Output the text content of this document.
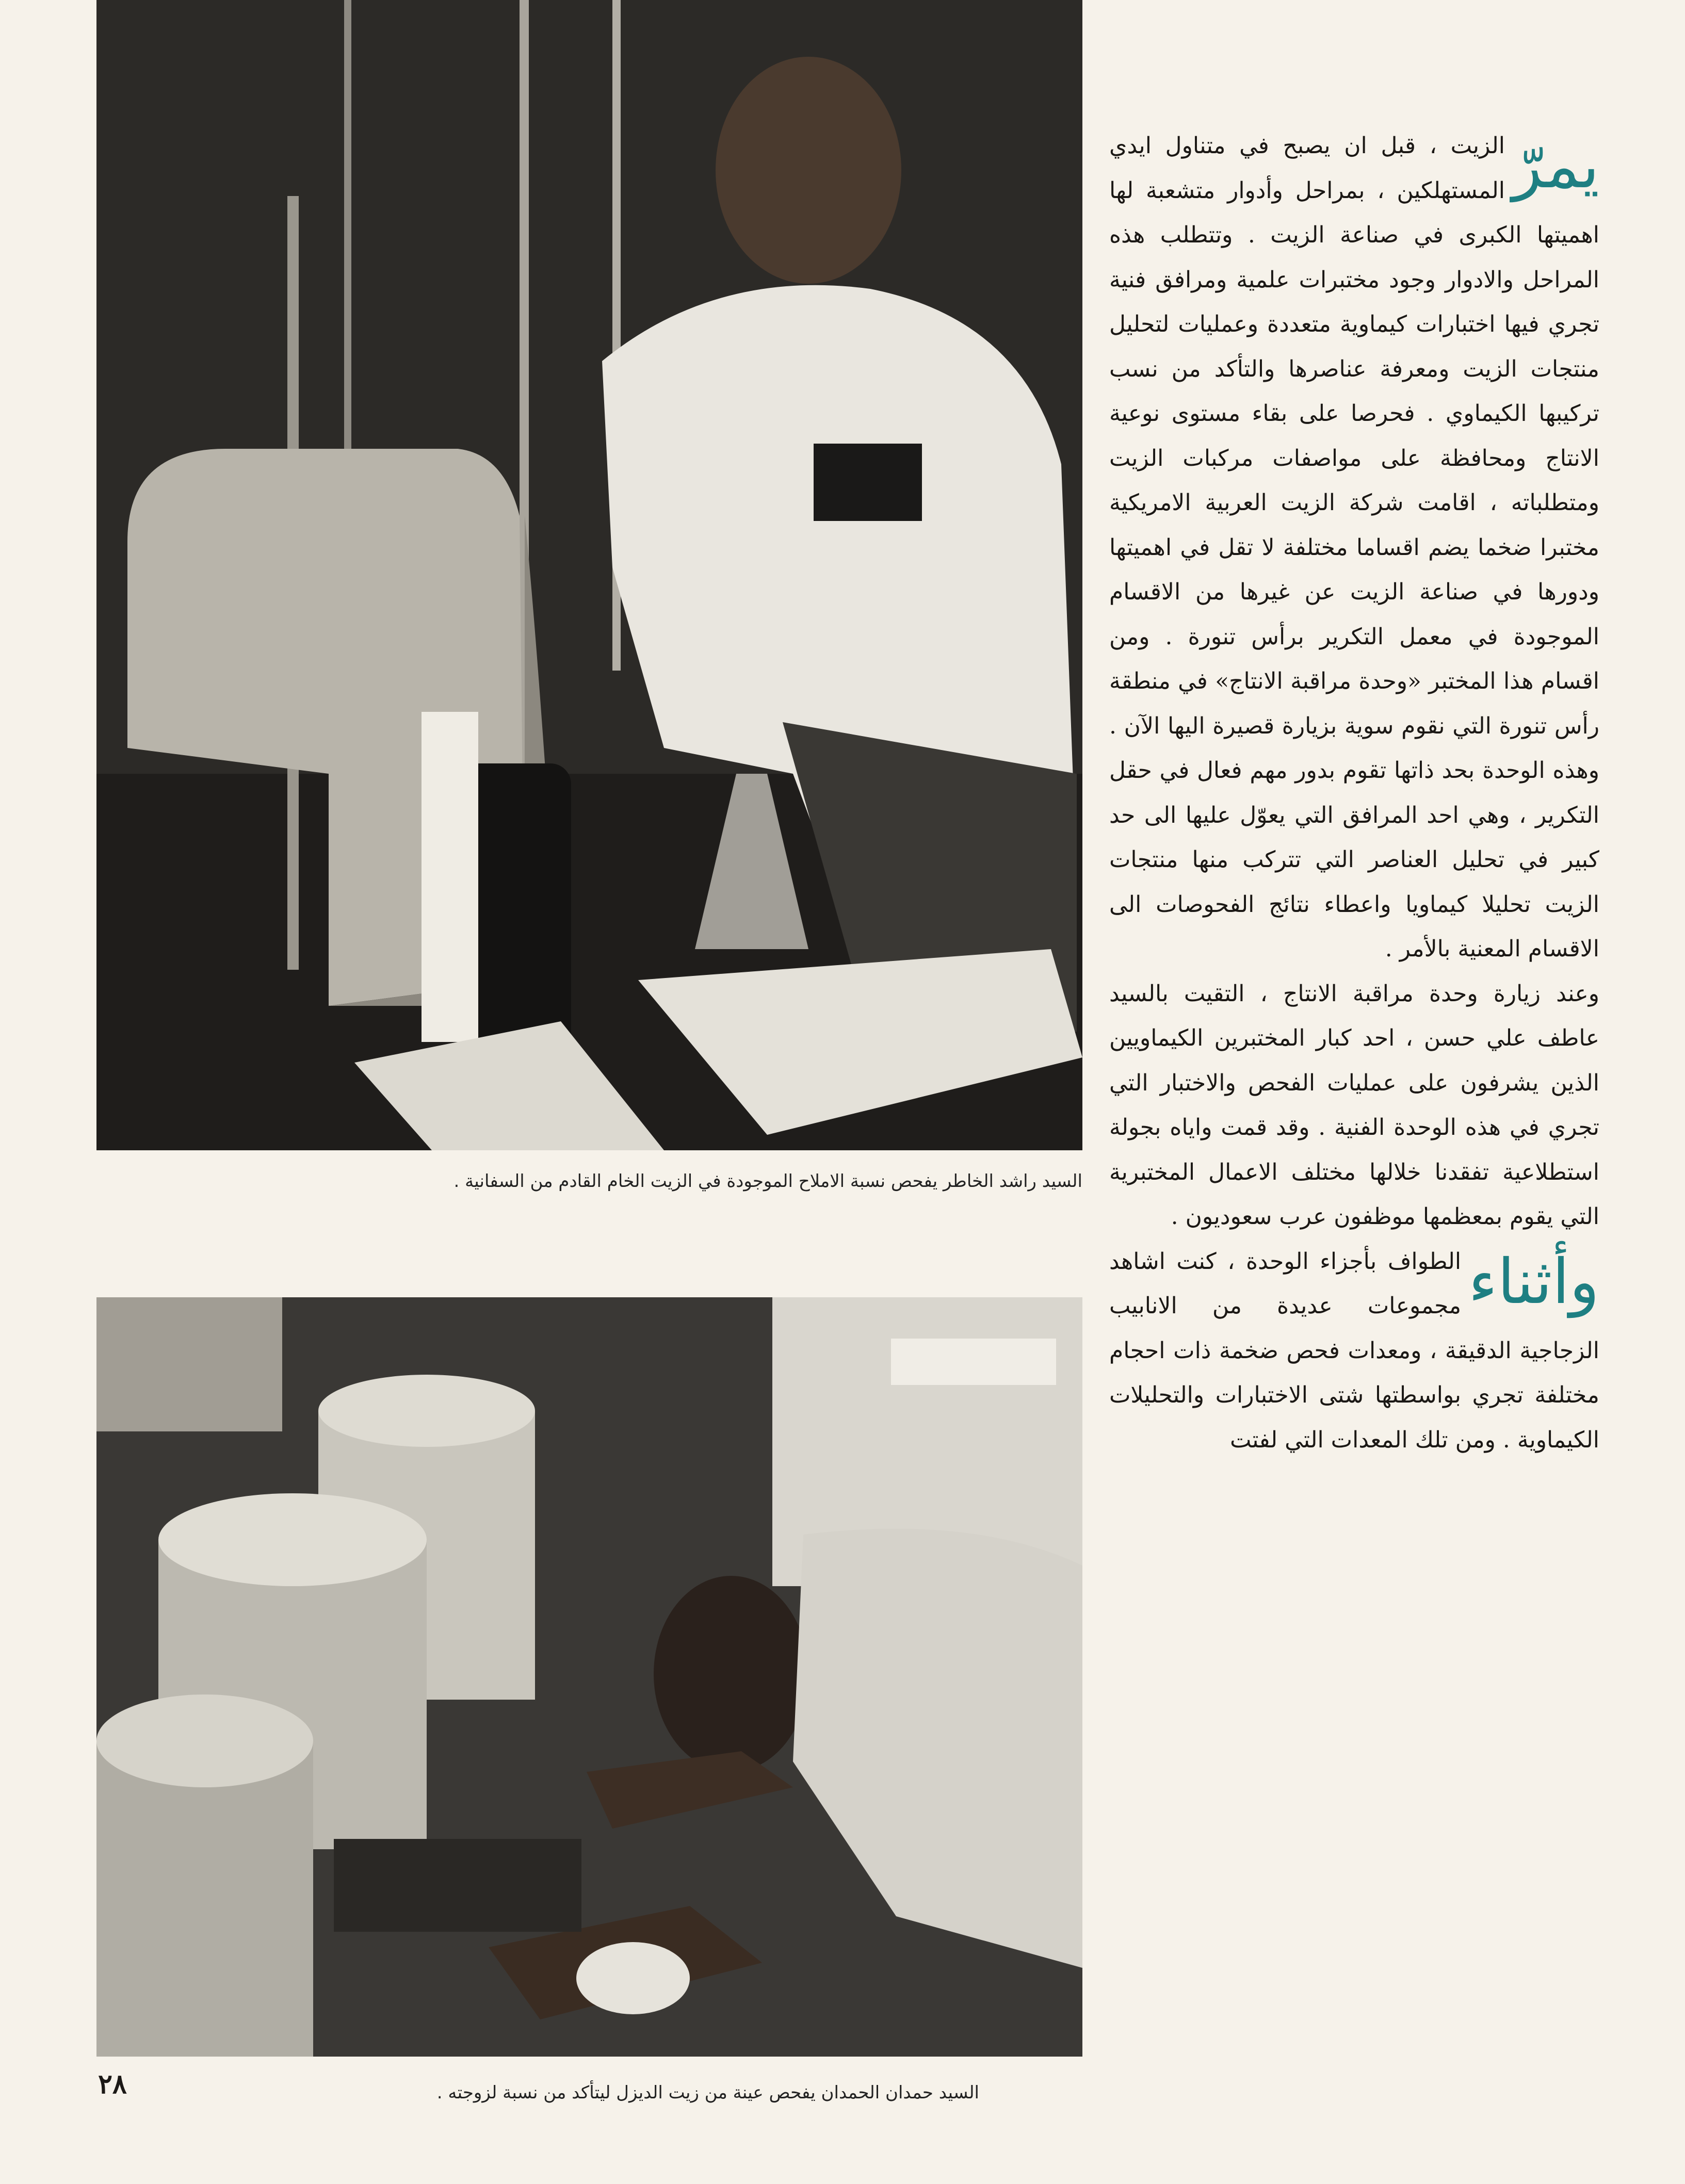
السيد راشد الخاطر يفحص نسبة الاملاح الموجودة في الزيت الخام القادم من السفانية .
السيد حمدان الحمدان يفحص عينة من زيت الديزل ليتأكد من نسبة لزوجته .
٢٨

يمرّ
الزيت ، قبل ان يصبح في متناول ايدي المستهلكين ، بمراحل وأدوار متشعبة لها اهميتها الكبرى في صناعة الزيت . وتتطلب هذه المراحل والادوار وجود مختبرات علمية ومرافق فنية تجري فيها اختبارات كيماوية متعددة وعمليات لتحليل منتجات الزيت ومعرفة عناصرها والتأكد من نسب تركيبها الكيماوي . فحرصا على بقاء مستوى نوعية الانتاج ومحافظة على مواصفات مركبات الزيت ومتطلباته ، اقامت شركة الزيت العربية الامريكية مختبرا ضخما يضم اقساما مختلفة لا تقل في اهميتها ودورها في صناعة الزيت عن غيرها من الاقسام الموجودة في معمل التكرير برأس تنورة . ومن اقسام هذا المختبر «وحدة مراقبة الانتاج» في منطقة رأس تنورة التي نقوم سوية بزيارة قصيرة اليها الآن . وهذه الوحدة بحد ذاتها تقوم بدور مهم فعال في حقل التكرير ، وهي احد المرافق التي يعوّل عليها الى حد كبير في تحليل العناصر التي تتركب منها منتجات الزيت تحليلا كيماويا واعطاء نتائج الفحوصات الى الاقسام المعنية بالأمر .

وعند زيارة وحدة مراقبة الانتاج ، التقيت بالسيد عاطف علي حسن ، احد كبار المختبرين الكيماويين الذين يشرفون على عمليات الفحص والاختبار التي تجري في هذه الوحدة الفنية . وقد قمت واياه بجولة استطلاعية تفقدنا خلالها مختلف الاعمال المختبرية التي يقوم بمعظمها موظفون عرب سعوديون .

وأثناء
الطواف بأجزاء الوحدة ، كنت اشاهد مجموعات عديدة من الانابيب الزجاجية الدقيقة ، ومعدات فحص ضخمة ذات احجام مختلفة تجري بواسطتها شتى الاختبارات والتحليلات الكيماوية . ومن تلك المعدات التي لفتت
